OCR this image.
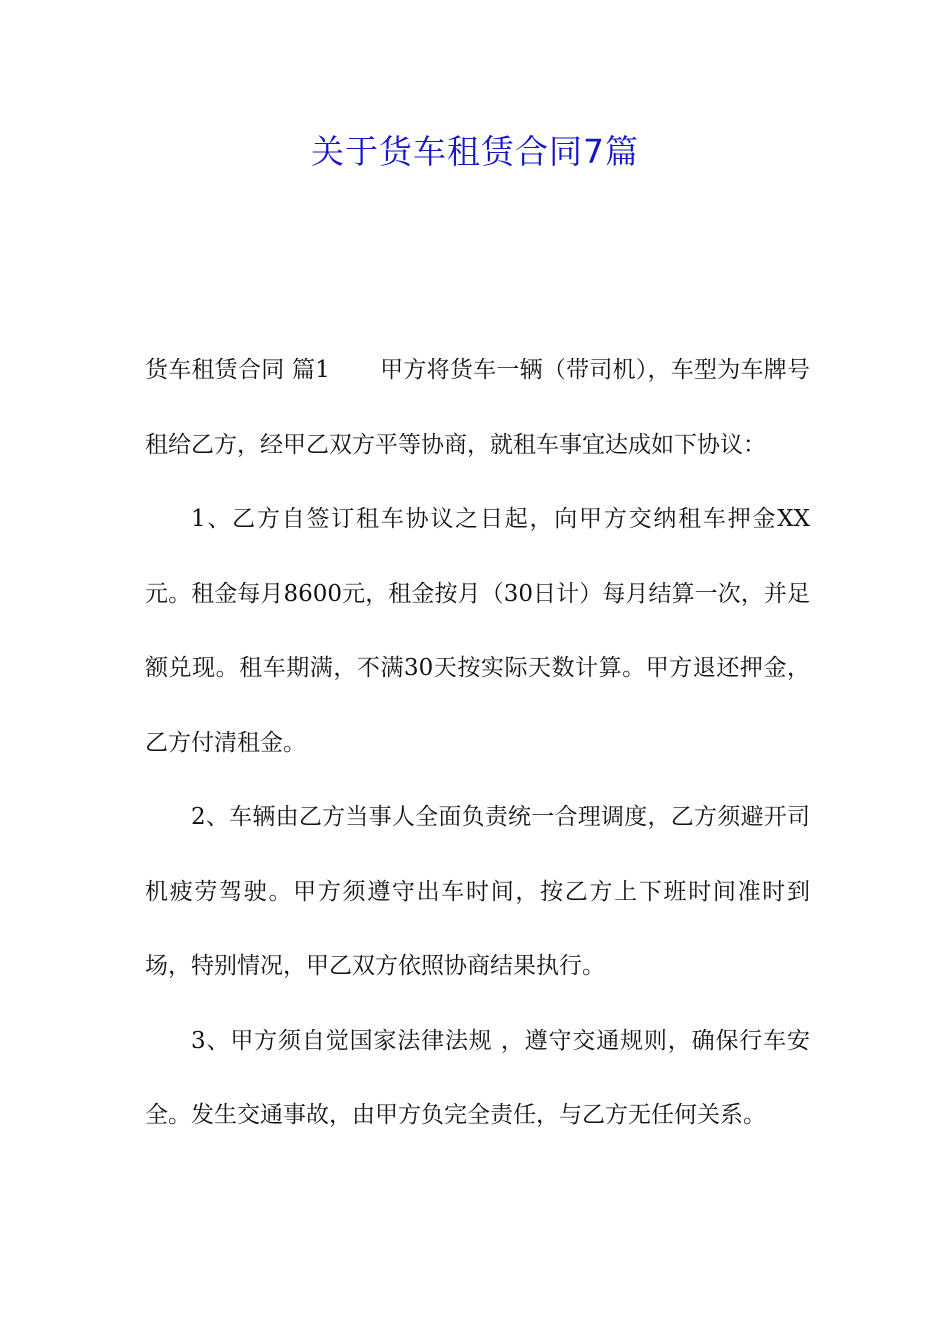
关于货车租赁合同7篇

货车租赁合同 篇1 甲方将货车一辆（带司机），车型为车牌号 租给乙方，经甲乙双方平等协商，就租车事宜达成如下协议：

1、乙方自签订租车协议之日起，向甲方交纳租车押金XX元。租金每月8600元，租金按月（30日计）每月结算一次，并足额兑现。租车期满，不满30天按实际天数计算。甲方退还押金，乙方付清租金。

2、车辆由乙方当事人全面负责统一合理调度，乙方须避开司机疲劳驾驶。甲方须遵守出车时间，按乙方上下班时间准时到场，特别情况，甲乙双方依照协商结果执行。

3、甲方须自觉国家法律法规 ，遵守交通规则，确保行车安全。发生交通事故，由甲方负完全责任，与乙方无任何关系。
